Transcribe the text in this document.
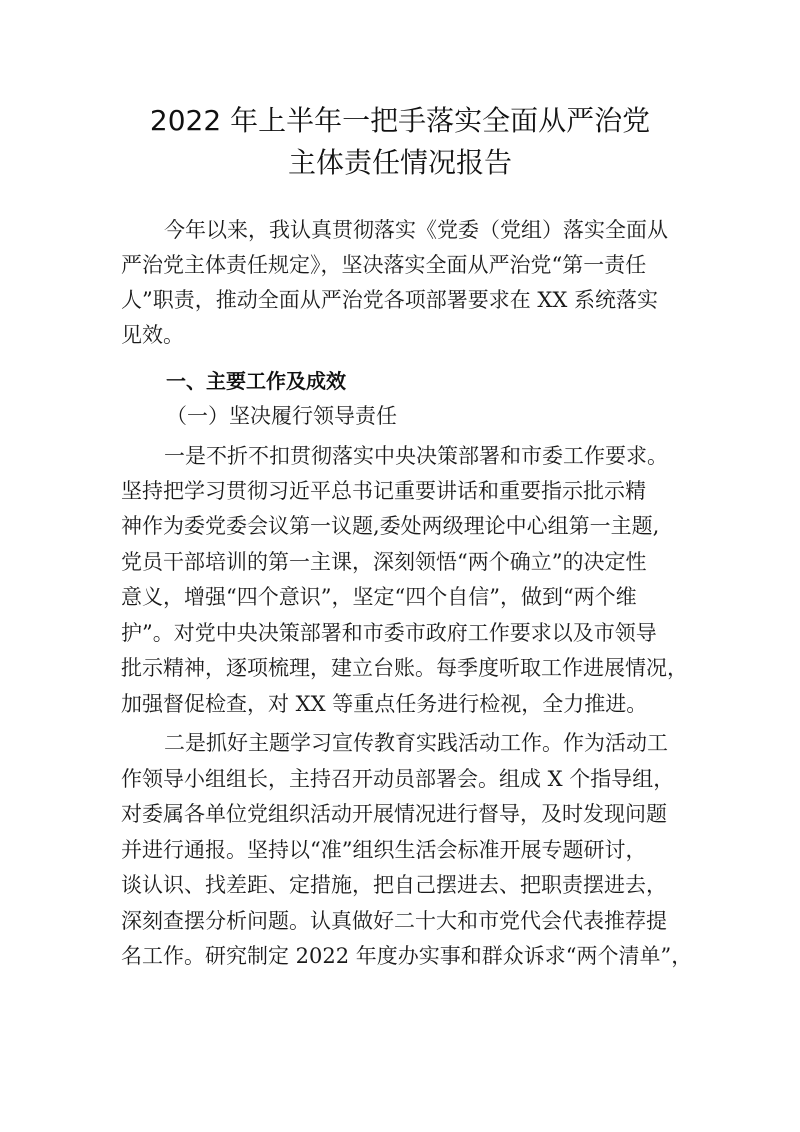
2022 年上半年一把手落实全面从严治党
主体责任情况报告
今年以来，我认真贯彻落实《党委（党组）落实全面从
严治党主体责任规定》，坚决落实全面从严治党“第一责任
人”职责，推动全面从严治党各项部署要求在 XX 系统落实
见效。
一、主要工作及成效
（一）坚决履行领导责任
一是不折不扣贯彻落实中央决策部署和市委工作要求。
坚持把学习贯彻习近平总书记重要讲话和重要指示批示精
神作为委党委会议第一议题,委处两级理论中心组第一主题,
党员干部培训的第一主课，深刻领悟“两个确立”的决定性
意义，增强“四个意识”，坚定“四个自信”，做到“两个维
护”。对党中央决策部署和市委市政府工作要求以及市领导
批示精神，逐项梳理，建立台账。每季度听取工作进展情况，
加强督促检查，对 XX 等重点任务进行检视，全力推进。
二是抓好主题学习宣传教育实践活动工作。作为活动工
作领导小组组长，主持召开动员部署会。组成 X 个指导组，
对委属各单位党组织活动开展情况进行督导，及时发现问题
并进行通报。坚持以“准”组织生活会标准开展专题研讨，
谈认识、找差距、定措施，把自己摆进去、把职责摆进去，
深刻查摆分析问题。认真做好二十大和市党代会代表推荐提
名工作。研究制定 2022 年度办实事和群众诉求“两个清单”，
